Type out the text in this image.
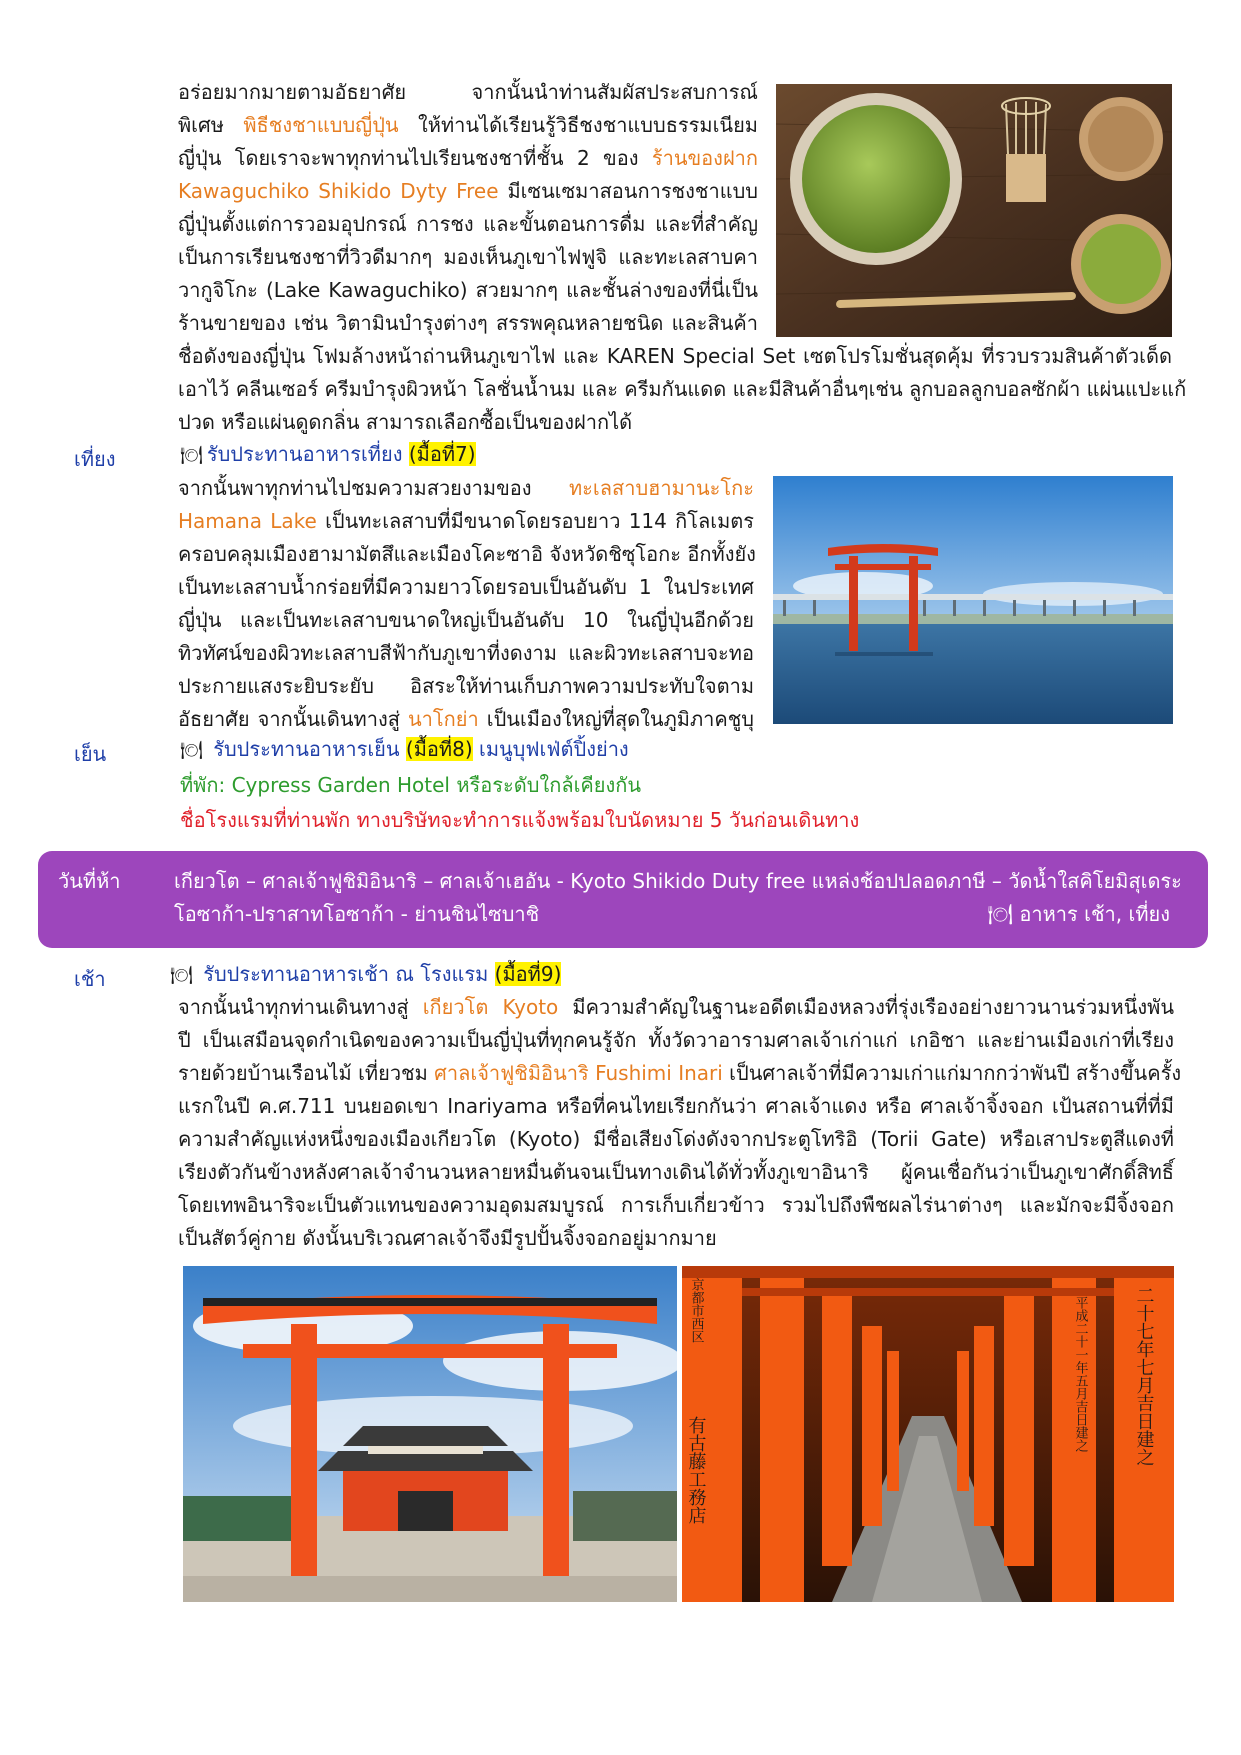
อร่อยมากมายตามอัธยาศัย จากนั้นนำท่านสัมผัสประสบการณ์
พิเศษ พิธีชงชาแบบญี่ปุ่น ให้ท่านได้เรียนรู้วิธีชงชาแบบธรรมเนียม
ญี่ปุ่น โดยเราจะพาทุกท่านไปเรียนชงชาที่ชั้น 2 ของ ร้านของฝาก
Kawaguchiko Shikido Dyty Free มีเซนเซมาสอนการชงชาแบบ
ญี่ปุ่นตั้งแต่การวอมอุปกรณ์ การชง และขั้นตอนการดื่ม และที่สำคัญ
เป็นการเรียนชงชาที่วิวดีมากๆ มองเห็นภูเขาไฟฟูจิ และทะเลสาบคา
วากูจิโกะ (Lake Kawaguchiko) สวยมากๆ และชั้นล่างของที่นี่เป็น
ร้านขายของ เช่น วิตามินบำรุงต่างๆ สรรพคุณหลายชนิด และสินค้า
ชื่อดังของญี่ปุ่น โฟมล้างหน้าถ่านหินภูเขาไฟ และ KAREN Special Set เซตโปรโมชั่นสุดคุ้ม ที่รวบรวมสินค้าตัวเด็ด
เอาไว้ คลีนเซอร์ ครีมบำรุงผิวหน้า โลชั่นน้ำนม และ ครีมกันแดด และมีสินค้าอื่นๆเช่น ลูกบอลลูกบอลซักผ้า แผ่นแปะแก้
ปวด หรือแผ่นดูดกลิ่น สามารถเลือกซื้อเป็นของฝากได้
เที่ยง	🍽 รับประทานอาหารเที่ยง (มื้อที่7)
จากนั้นพาทุกท่านไปชมความสวยงามของ ทะเลสาบฮามานะโกะ
Hamana Lake เป็นทะเลสาบที่มีขนาดโดยรอบยาว 114 กิโลเมตร
ครอบคลุมเมืองฮามามัตสึและเมืองโคะซาอิ จังหวัดชิซุโอกะ อีกทั้งยัง
เป็นทะเลสาบน้ำกร่อยที่มีความยาวโดยรอบเป็นอันดับ 1 ในประเทศ
ญี่ปุ่น และเป็นทะเลสาบขนาดใหญ่เป็นอันดับ 10 ในญี่ปุ่นอีกด้วย
ทิวทัศน์ของผิวทะเลสาบสีฟ้ากับภูเขาที่งดงาม และผิวทะเลสาบจะทอ
ประกายแสงระยิบระยับ อิสระให้ท่านเก็บภาพความประทับใจตาม
อัธยาศัย จากนั้นเดินทางสู่ นาโกย่า เป็นเมืองใหญ่ที่สุดในภูมิภาคชูบุ
เย็น	🍽 รับประทานอาหารเย็น (มื้อที่8) เมนูบุฟเฟ่ต์ปิ้งย่าง
ที่พัก: Cypress Garden Hotel หรือระดับใกล้เคียงกัน
ชื่อโรงแรมที่ท่านพัก ทางบริษัทจะทำการแจ้งพร้อมใบนัดหมาย 5 วันก่อนเดินทาง
วันที่ห้า	เกียวโต – ศาลเจ้าฟูชิมิอินาริ – ศาลเจ้าเฮอัน - Kyoto Shikido Duty free แหล่งช้อปปลอดภาษี – วัดน้ำใสคิโยมิสุเดระ
โอซาก้า-ปราสาทโอซาก้า - ย่านชินไซบาชิ	🍽 อาหาร เช้า, เที่ยง
เช้า	🍽 รับประทานอาหารเช้า ณ โรงแรม (มื้อที่9)
จากนั้นนำทุกท่านเดินทางสู่ เกียวโต Kyoto มีความสำคัญในฐานะอดีตเมืองหลวงที่รุ่งเรืองอย่างยาวนานร่วมหนึ่งพัน
ปี เป็นเสมือนจุดกำเนิดของความเป็นญี่ปุ่นที่ทุกคนรู้จัก ทั้งวัดวาอารามศาลเจ้าเก่าแก่ เกอิชา และย่านเมืองเก่าที่เรียง
รายด้วยบ้านเรือนไม้ เที่ยวชม ศาลเจ้าฟูชิมิอินาริ Fushimi Inari เป็นศาลเจ้าที่มีความเก่าแก่มากกว่าพันปี สร้างขึ้นครั้ง
แรกในปี ค.ศ.711 บนยอดเขา Inariyama หรือที่คนไทยเรียกกันว่า ศาลเจ้าแดง หรือ ศาลเจ้าจิ้งจอก เป้นสถานที่ที่มี
ความสำคัญแห่งหนึ่งของเมืองเกียวโต (Kyoto) มีชื่อเสียงโด่งดังจากประตูโทริอิ (Torii Gate) หรือเสาประตูสีแดงที่
เรียงตัวกันข้างหลังศาลเจ้าจำนวนหลายหมื่นต้นจนเป็นทางเดินได้ทั่วทั้งภูเขาอินาริ ผู้คนเชื่อกันว่าเป็นภูเขาศักดิ์สิทธิ์
โดยเทพอินาริจะเป็นตัวแทนของความอุดมสมบูรณ์ การเก็บเกี่ยวข้าว รวมไปถึงพืชผลไร่นาต่างๆ และมักจะมีจิ้งจอก
เป็นสัตว์คู่กาย ดังนั้นบริเวณศาลเจ้าจึงมีรูปปั้นจิ้งจอกอยู่มากมาย
二十七年七月吉日建之
平成二十一年五月吉日建之
有古藤工務店
京都市西区
